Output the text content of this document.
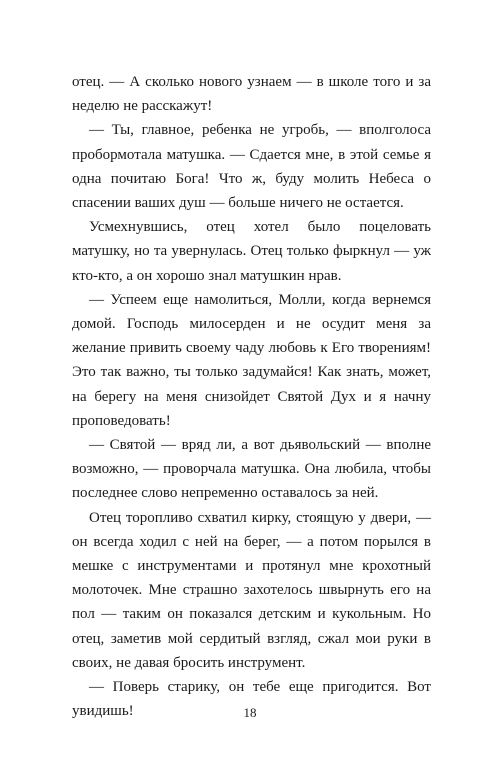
отец. — А сколько нового узнаем — в школе того и за неделю не расскажут!

— Ты, главное, ребенка не угробь, — вполголоса пробормотала матушка. — Сдается мне, в этой семье я одна почитаю Бога! Что ж, буду молить Небеса о спасении ваших душ — больше ничего не остается.

Усмехнувшись, отец хотел было поцеловать матушку, но та увернулась. Отец только фыркнул — уж кто-кто, а он хорошо знал матушкин нрав.

— Успеем еще намолиться, Молли, когда вернемся домой. Господь милосерден и не осудит меня за желание привить своему чаду любовь к Его творениям! Это так важно, ты только задумайся! Как знать, может, на берегу на меня снизойдет Святой Дух и я начну проповедовать!

— Святой — вряд ли, а вот дьявольский — вполне возможно, — проворчала матушка. Она любила, чтобы последнее слово непременно оставалось за ней.

Отец торопливо схватил кирку, стоящую у двери, — он всегда ходил с ней на берег, — а потом порылся в мешке с инструментами и протянул мне крохотный молоточек. Мне страшно захотелось швырнуть его на пол — таким он показался детским и кукольным. Но отец, заметив мой сердитый взгляд, сжал мои руки в своих, не давая бросить инструмент.

— Поверь старику, он тебе еще пригодится. Вот увидишь!	18
